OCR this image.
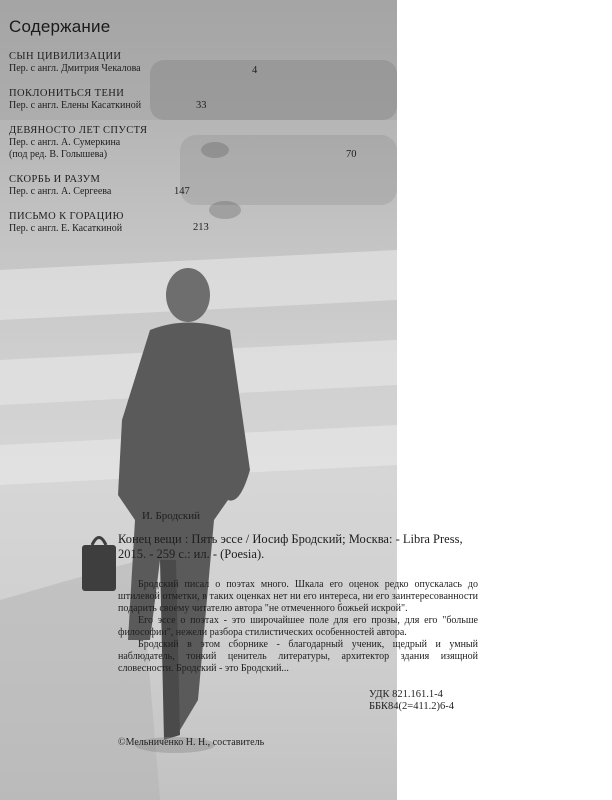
Содержание
СЫН ЦИВИЛИЗАЦИИ
Пер. с англ. Дмитрия Чекалова	4
ПОКЛОНИТЬСЯ ТЕНИ
Пер. с англ. Елены Касаткиной	33
ДЕВЯНОСТО ЛЕТ СПУСТЯ
Пер. с англ. А. Сумеркина
(под ред. В. Голышева)	70
СКОРБЬ И РАЗУМ
Пер. с англ. А. Сергеева	147
ПИСЬМО К ГОРАЦИЮ
Пер. с англ. Е. Касаткиной	213
И. Бродский
Конец вещи : Пять эссе / Иосиф Бродский; Москва: - Libra Press, 2015. - 259 с.: ил. - (Poesia).

Бродский писал о поэтах много. Шкала его оценок редко опускалась до штилевой отметки, в таких оценках нет ни его интереса, ни его заинтересованности подарить своему читателю автора "не отмеченного божьей искрой".

Его эссе о поэтах - это широчайшее поле для его прозы, для его "больше философии", нежели разбора стилистических особенностей автора.

Бродский в этом сборнике - благодарный ученик, щедрый и умный наблюдатель, тонкий ценитель литературы, архитектор здания изящной словесности. Бродский - это Бродский...

УДК 821.161.1-4
ББК84(2=411.2)6-4
©Мельниченко Н. Н., составитель
